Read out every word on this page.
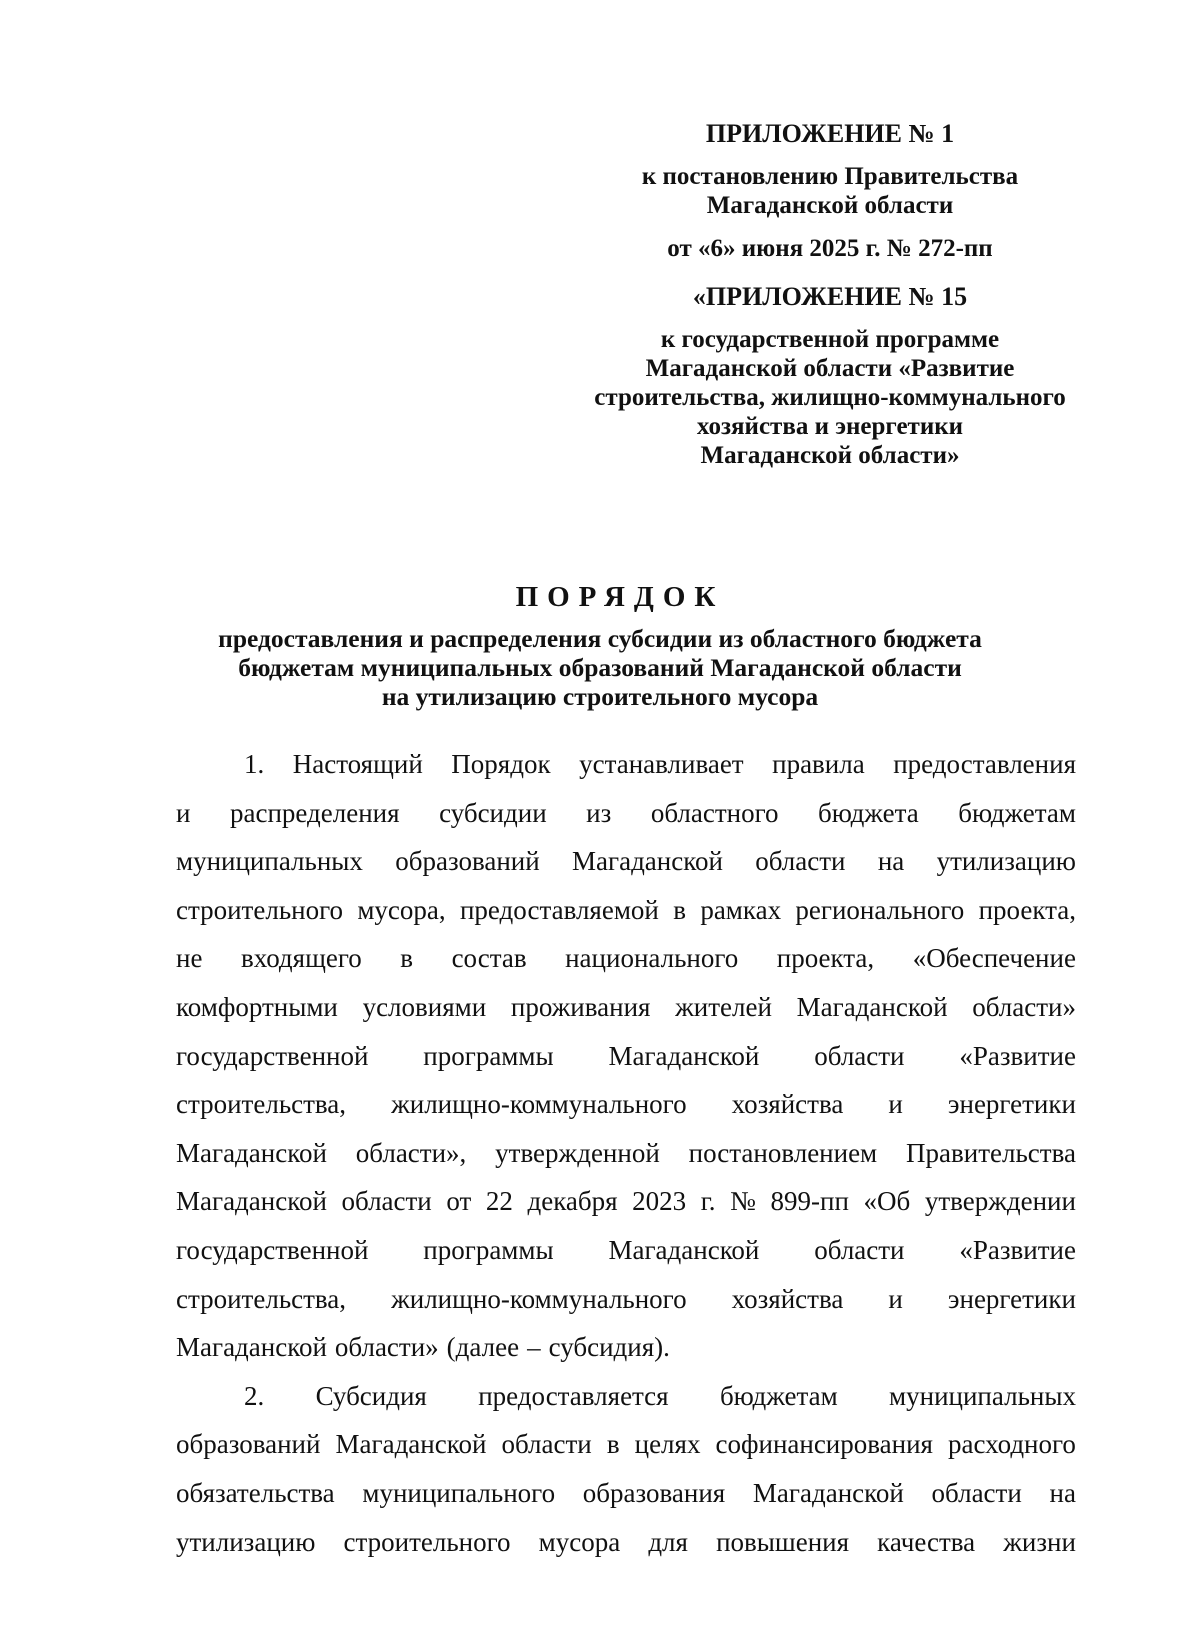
ПРИЛОЖЕНИЕ № 1
к постановлению Правительства
Магаданской области
от «6» июня 2025 г. № 272-пп
«ПРИЛОЖЕНИЕ № 15
к государственной программе
Магаданской области «Развитие
строительства, жилищно-коммунального
хозяйства и энергетики
Магаданской области»
ПОРЯДОК
предоставления и распределения субсидии из областного бюджета
бюджетам муниципальных образований Магаданской области
на утилизацию строительного мусора
1. Настоящий Порядок устанавливает правила предоставления
и распределения субсидии из областного бюджета бюджетам
муниципальных образований Магаданской области на утилизацию
строительного мусора, предоставляемой в рамках регионального проекта,
не входящего в состав национального проекта, «Обеспечение
комфортными условиями проживания жителей Магаданской области»
государственной программы Магаданской области «Развитие
строительства, жилищно-коммунального хозяйства и энергетики
Магаданской области», утвержденной постановлением Правительства
Магаданской области от 22 декабря 2023 г. № 899-пп «Об утверждении
государственной программы Магаданской области «Развитие
строительства, жилищно-коммунального хозяйства и энергетики
Магаданской области» (далее – субсидия).
2. Субсидия предоставляется бюджетам муниципальных
образований Магаданской области в целях софинансирования расходного
обязательства муниципального образования Магаданской области на
утилизацию строительного мусора для повышения качества жизни
